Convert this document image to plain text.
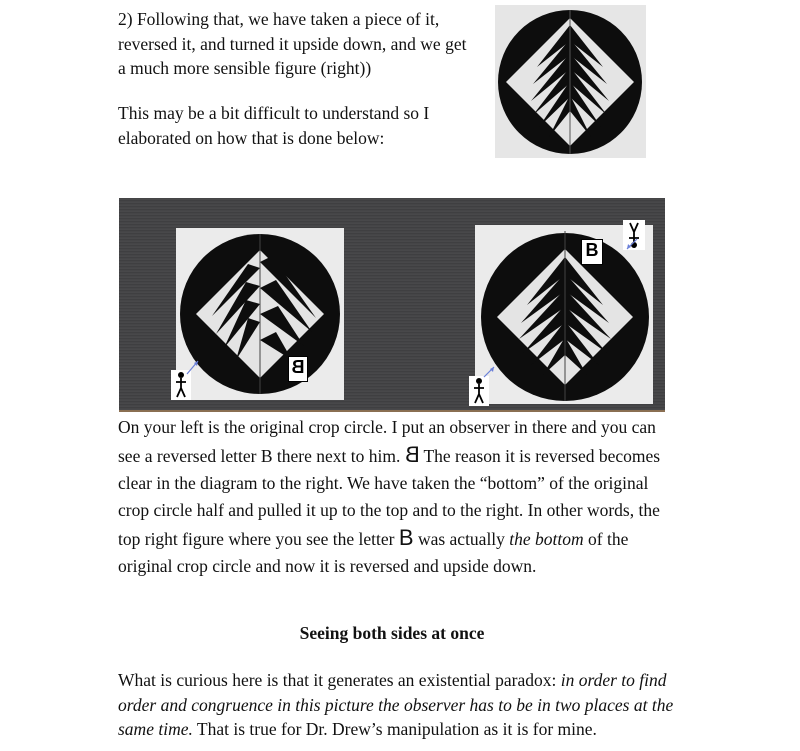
2) Following that, we have taken a piece of it, reversed it, and turned it upside down, and we get a much more sensible figure (right))

This may be a bit difficult to understand so I elaborated on how that is done below:

B
B

On your left is the original crop circle. I put an observer in there and you can see a reversed letter B there next to him. B The reason it is reversed becomes clear in the diagram to the right. We have taken the “bottom” of the original crop circle half and pulled it up to the top and to the right. In other words, the top right figure where you see the letter B was actually the bottom of the original crop circle and now it is reversed and upside down.

Seeing both sides at once

What is curious here is that it generates an existential paradox: in order to find order and congruence in this picture the observer has to be in two places at the same time. That is true for Dr. Drew’s manipulation as it is for mine.
